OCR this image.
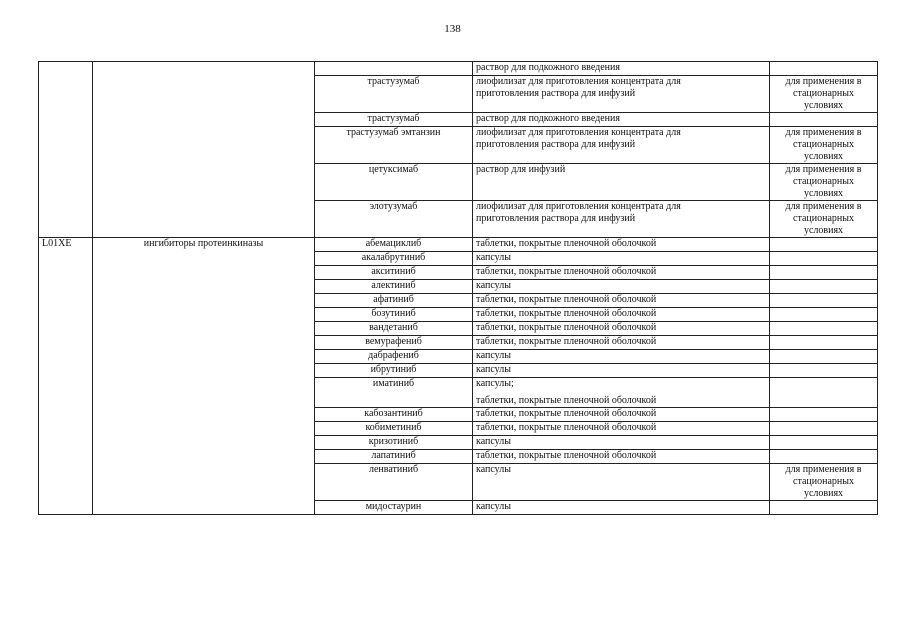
138

			раствор для подкожного введения	

		трастузумаб	лиофилизат для приготовления концентрата для
приготовления раствора для инфузий	для применения в
стационарных
условиях

		трастузумаб	раствор для подкожного введения	

		трастузумаб эмтанзин	лиофилизат для приготовления концентрата для
приготовления раствора для инфузий	для применения в
стационарных
условиях

		цетуксимаб	раствор для инфузий	для применения в
стационарных
условиях

		элотузумаб	лиофилизат для приготовления концентрата для
приготовления раствора для инфузий	для применения в
стационарных
условиях

L01XE	ингибиторы протеинкиназы	абемациклиб	таблетки, покрытые пленочной оболочкой	

		акалабрутиниб	капсулы	

		акситиниб	таблетки, покрытые пленочной оболочкой	

		алектиниб	капсулы	

		афатиниб	таблетки, покрытые пленочной оболочкой	

		бозутиниб	таблетки, покрытые пленочной оболочкой	

		вандетаниб	таблетки, покрытые пленочной оболочкой	

		вемурафениб	таблетки, покрытые пленочной оболочкой	

		дабрафениб	капсулы	

		ибрутиниб	капсулы	

		иматиниб	капсулы;
таблетки, покрытые пленочной оболочкой	

		кабозантиниб	таблетки, покрытые пленочной оболочкой	

		кобиметиниб	таблетки, покрытые пленочной оболочкой	

		кризотиниб	капсулы	

		лапатиниб	таблетки, покрытые пленочной оболочкой	

		ленватиниб	капсулы	для применения в
стационарных
условиях

		мидостаурин	капсулы	
